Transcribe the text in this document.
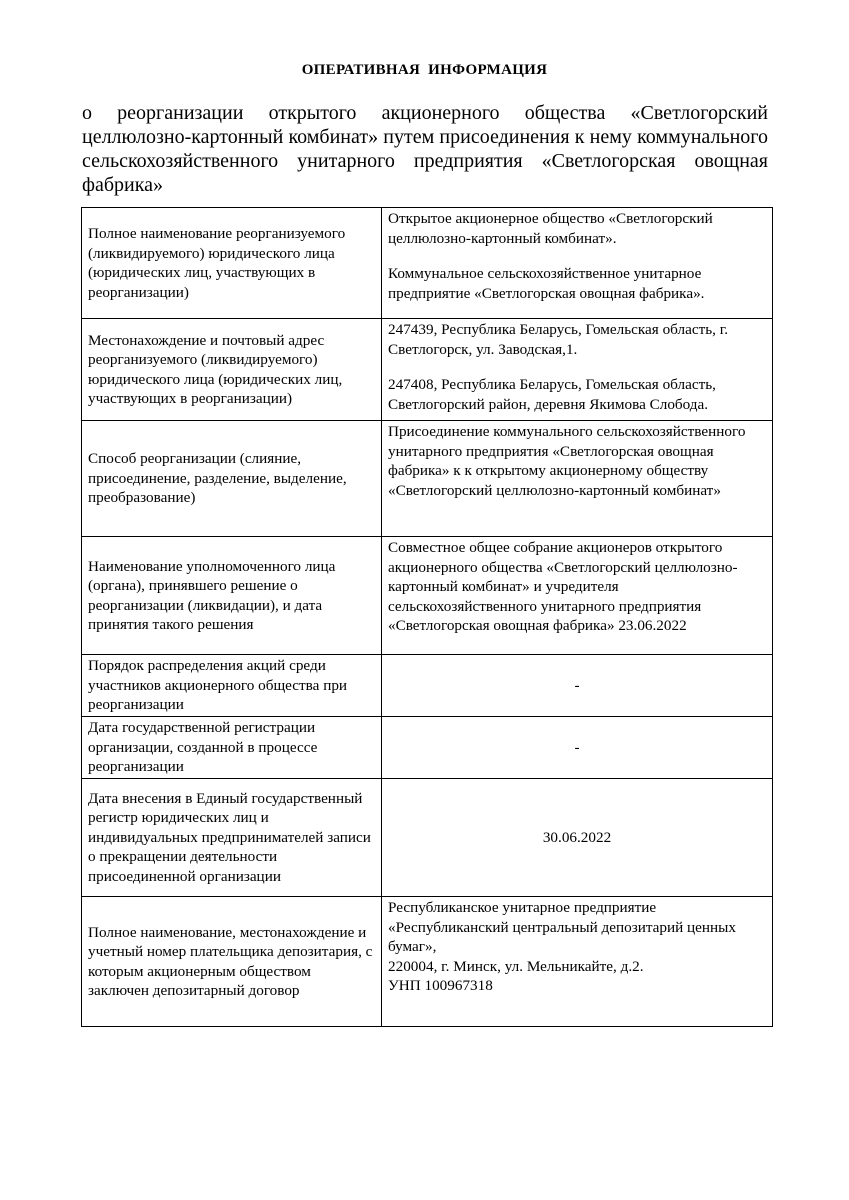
ОПЕРАТИВНАЯ ИНФОРМАЦИЯ
о реорганизации открытого акционерного общества «Светлогорский целлюлозно-картонный комбинат» путем присоединения к нему коммунального сельскохозяйственного унитарного предприятия «Светлогорская овощная фабрика»
Полное наименование реорганизуемого (ликвидируемого) юридического лица (юридических лиц, участвующих в реорганизации)	Открытое акционерное общество «Светлогорский целлюлозно-картонный комбинат».
Коммунальное сельскохозяйственное унитарное предприятие «Светлогорская овощная фабрика».

Местонахождение и почтовый адрес реорганизуемого (ликвидируемого) юридического лица (юридических лиц, участвующих в реорганизации)	247439, Республика Беларусь, Гомельская область, г. Светлогорск, ул. Заводская,1.
247408, Республика Беларусь, Гомельская область, Светлогорский район, деревня Якимова Слобода.

Способ реорганизации (слияние, присоединение, разделение, выделение, преобразование)	Присоединение коммунального сельскохозяйственного унитарного предприятия «Светлогорская овощная фабрика» к к открытому акционерному обществу «Светлогорский целлюлозно-картонный комбинат»

Наименование уполномоченного лица (органа), принявшего решение о реорганизации (ликвидации), и дата принятия такого решения	Совместное общее собрание акционеров открытого акционерного общества «Светлогорский целлюлозно-картонный комбинат» и учредителя сельскохозяйственного унитарного предприятия «Светлогорская овощная фабрика» 23.06.2022

Порядок распределения акций среди участников акционерного общества при реорганизации	-
Дата государственной регистрации организации, созданной в процессе реорганизации	-
Дата внесения в Единый государственный регистр юридических лиц и индивидуальных предпринимателей записи о прекращении деятельности присоединенной организации	30.06.2022
Полное наименование, местонахождение и учетный номер плательщика депозитария, с которым акционерным обществом заключен депозитарный договор	Республиканское унитарное предприятие «Республиканский центральный депозитарий ценных бумаг»,
220004, г. Минск, ул. Мельникайте, д.2.
УНП 100967318
